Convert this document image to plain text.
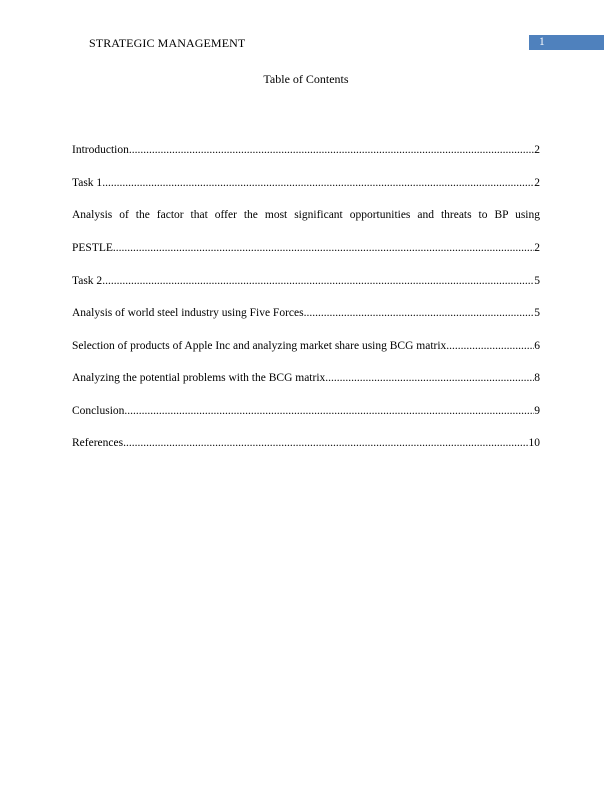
STRATEGIC MANAGEMENT	1
Table of Contents
Introduction .....	2
Task 1 .....	2
Analysis of the factor that offer the most significant opportunities and threats to BP using
PESTLE .....	2
Task 2 .....	5
Analysis of world steel industry using Five Forces .....	5
Selection of products of Apple Inc and analyzing market share using BCG matrix .....	6
Analyzing the potential problems with the BCG matrix .....	8
Conclusion .....	9
References .....	10
